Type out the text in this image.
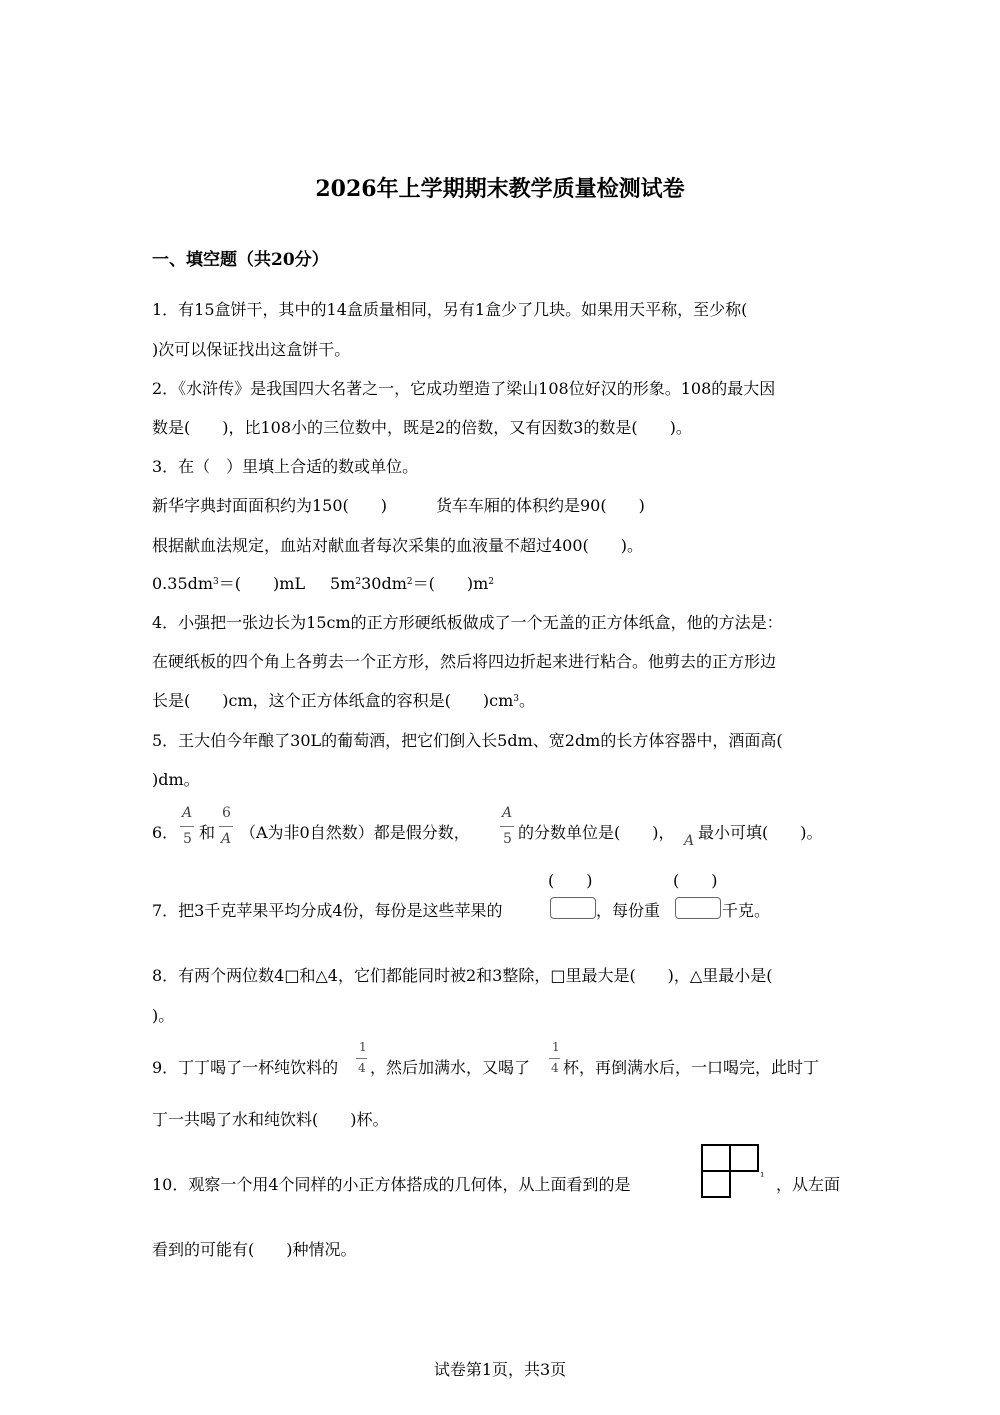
2026年上学期期末教学质量检测试卷
一、填空题（共20分）
1．有15盒饼干，其中的14盒质量相同，另有1盒少了几块。如果用天平称，至少称(
)次可以保证找出这盒饼干。
2．《水浒传》是我国四大名著之一，它成功塑造了梁山108位好汉的形象。108的最大因
数是(　　)，比108小的三位数中，既是2的倍数，又有因数3的数是(　　)。
3．在（　）里填上合适的数或单位。
新华字典封面面积约为150(　　)	货车车厢的体积约是90(　　)
根据献血法规定，血站对献血者每次采集的血液量不超过400(　　)。
$0.35dm^3=$(　　)mL $5m^230dm^2=$(　　)$m^2$
4．小强把一张边长为15cm的正方形硬纸板做成了一个无盖的正方体纸盒，他的方法是：
在硬纸板的四个角上各剪去一个正方形，然后将四边折起来进行粘合。他剪去的正方形边
长是(　　)cm，这个正方体纸盒的容积是(　　)$cm^3$。
5．王大伯今年酿了30L的葡萄酒，把它们倒入长5dm、宽2dm的长方体容器中，酒面高(
)dm。
6．
A
5 和
6
A （A为非0自然数）都是假分数，
A
5 的分数单位是(　　)， A 最小可填(　　)。
7．把3千克苹果平均分成4份，每份是这些苹果的
(　　)
，每份重
(　　)
千克。
8．有两个两位数4□和△4，它们都能同时被2和3整除，□里最大是(　　)，△里最小是(
)。
9．丁丁喝了一杯纯饮料的
1
4 ，然后加满水，又喝了
1
4 杯，再倒满水后，一口喝完，此时丁
丁一共喝了水和纯饮料(　　)杯。
10．观察一个用4个同样的小正方体搭成的几何体，从上面看到的是	¹ ，从左面
看到的可能有(　　)种情况。
试卷第1页，共3页
